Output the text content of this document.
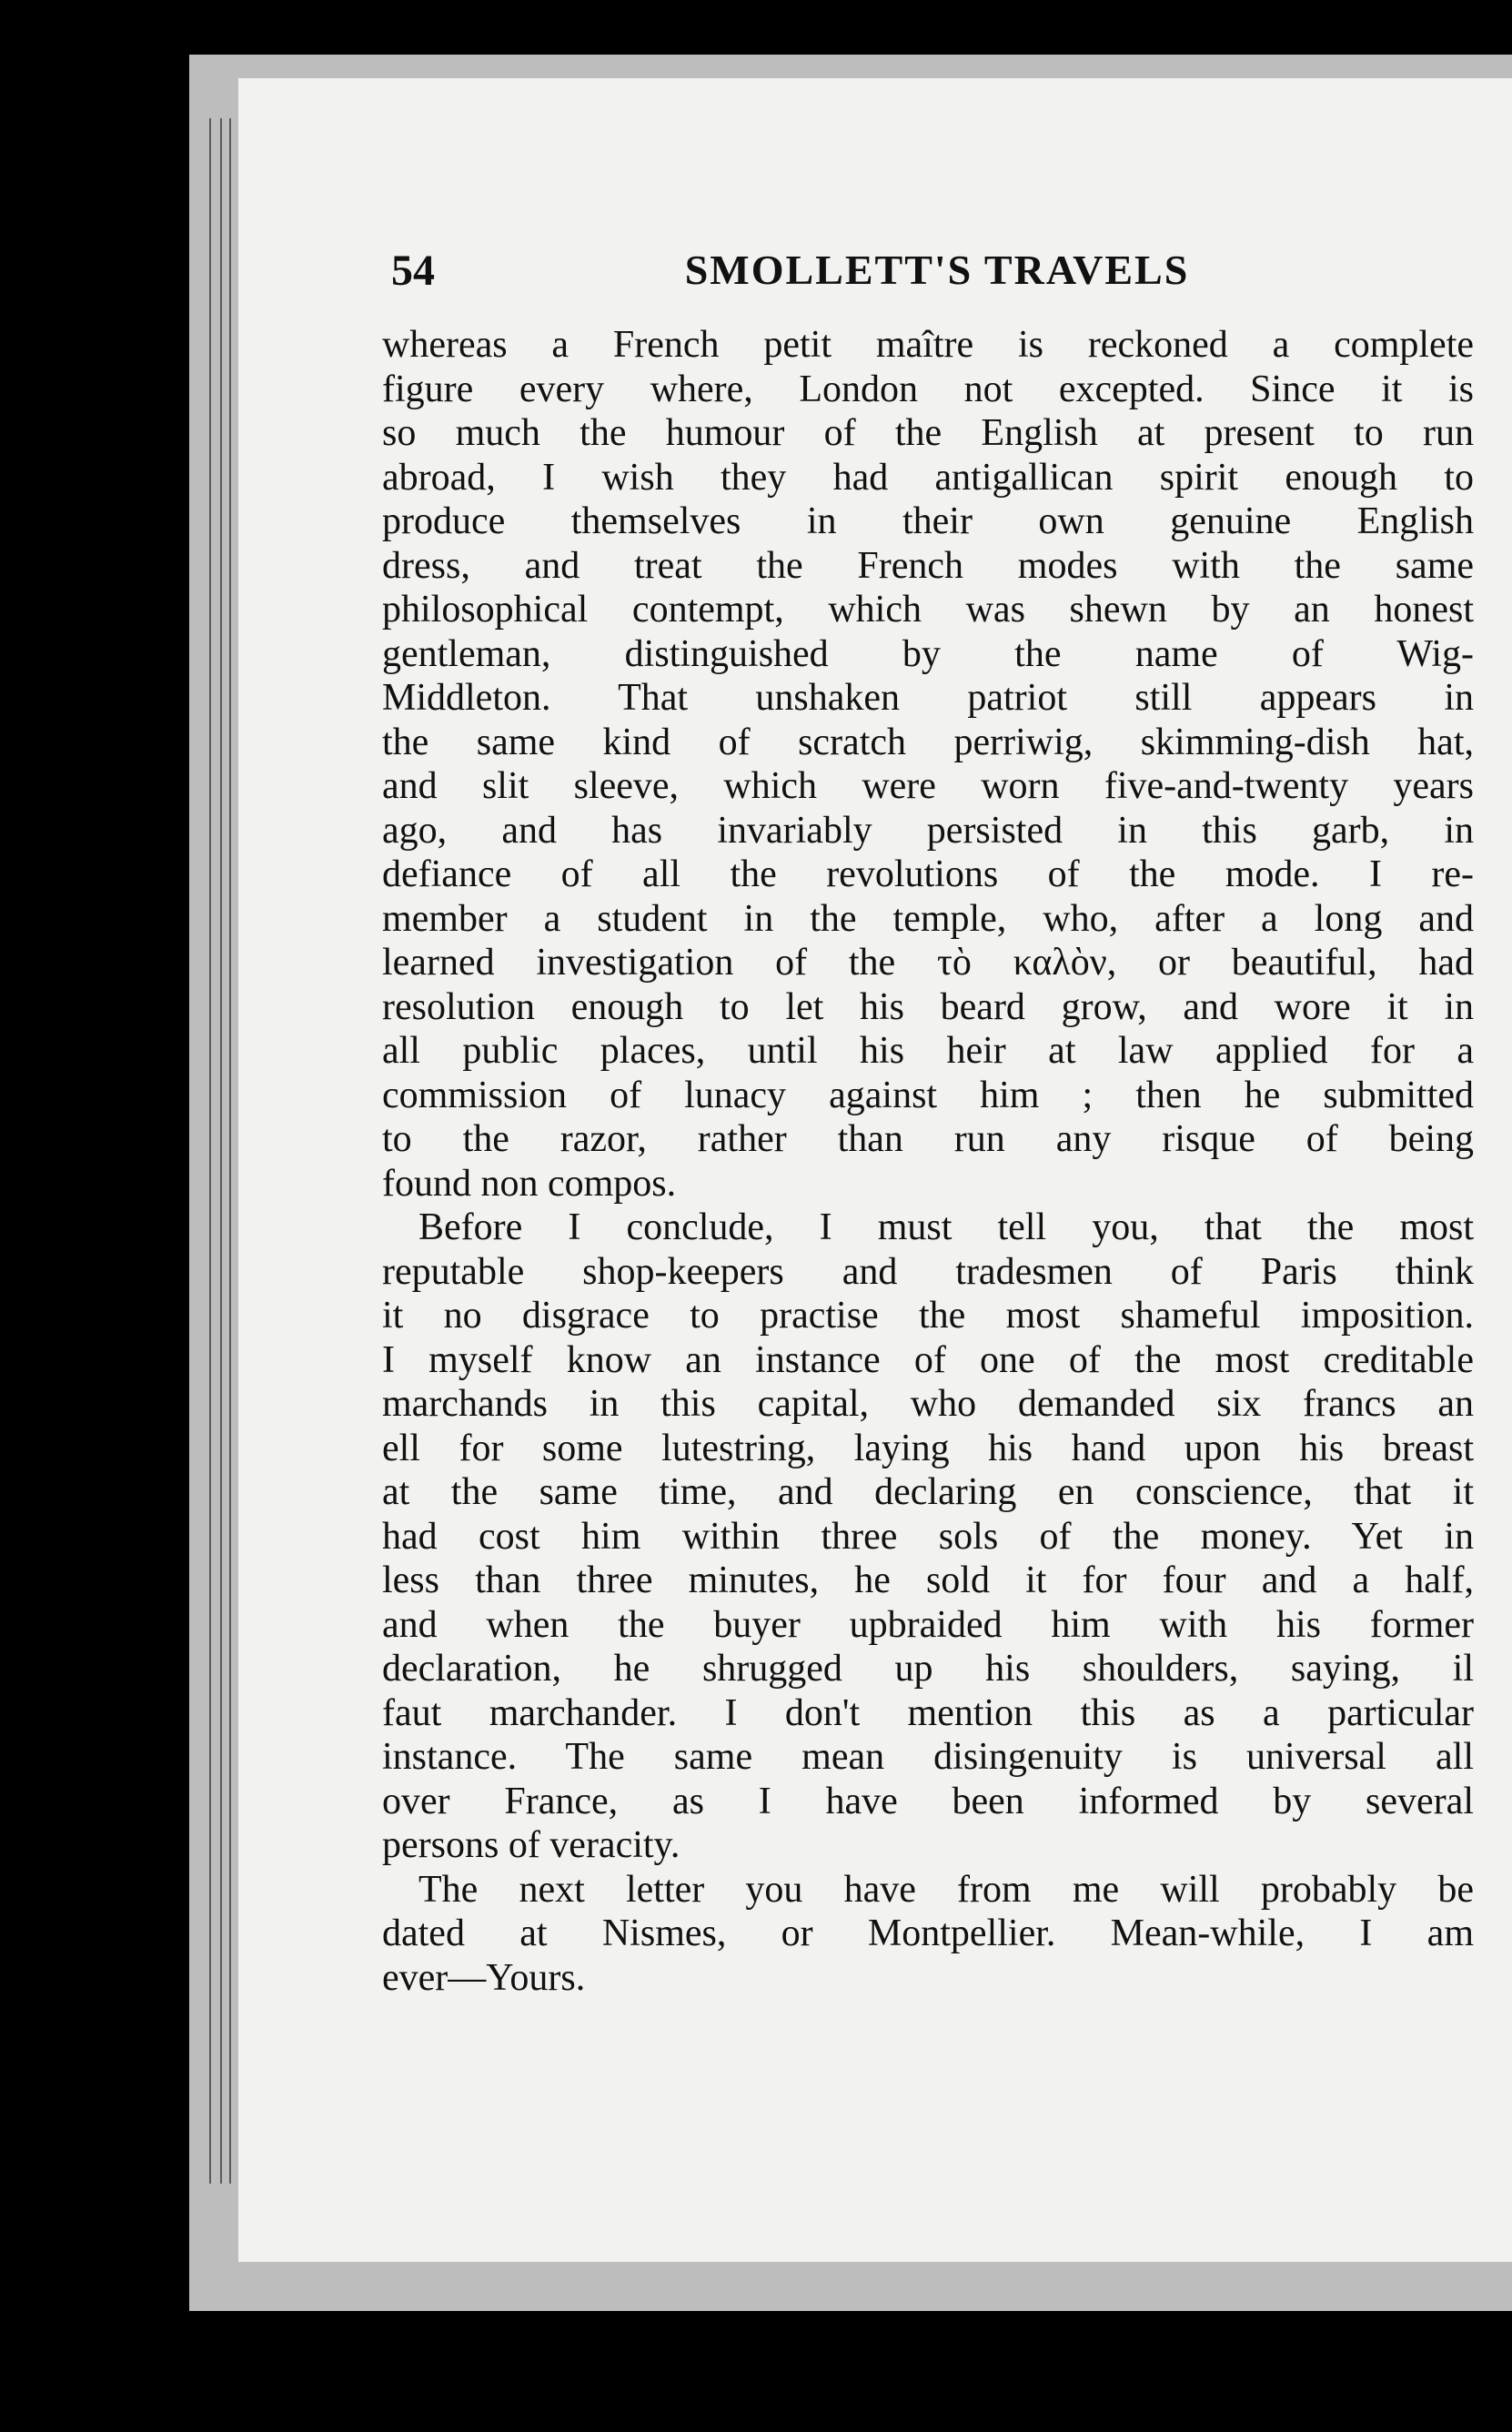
54	SMOLLETT'S TRAVELS
whereas a French petit maître is reckoned a complete
figure every where, London not excepted. Since it is
so much the humour of the English at present to run
abroad, I wish they had antigallican spirit enough to
produce themselves in their own genuine English
dress, and treat the French modes with the same
philosophical contempt, which was shewn by an honest
gentleman, distinguished by the name of Wig-
Middleton. That unshaken patriot still appears in
the same kind of scratch perriwig, skimming-dish hat,
and slit sleeve, which were worn five-and-twenty years
ago, and has invariably persisted in this garb, in
defiance of all the revolutions of the mode. I re-
member a student in the temple, who, after a long and
learned investigation of the τὸ καλὸν, or beautiful, had
resolution enough to let his beard grow, and wore it in
all public places, until his heir at law applied for a
commission of lunacy against him ; then he submitted
to the razor, rather than run any risque of being
found non compos.
Before I conclude, I must tell you, that the most
reputable shop-keepers and tradesmen of Paris think
it no disgrace to practise the most shameful imposition.
I myself know an instance of one of the most creditable
marchands in this capital, who demanded six francs an
ell for some lutestring, laying his hand upon his breast
at the same time, and declaring en conscience, that it
had cost him within three sols of the money. Yet in
less than three minutes, he sold it for four and a half,
and when the buyer upbraided him with his former
declaration, he shrugged up his shoulders, saying, il
faut marchander. I don't mention this as a particular
instance. The same mean disingenuity is universal all
over France, as I have been informed by several
persons of veracity.
The next letter you have from me will probably be
dated at Nismes, or Montpellier. Mean-while, I am
ever—Yours.
